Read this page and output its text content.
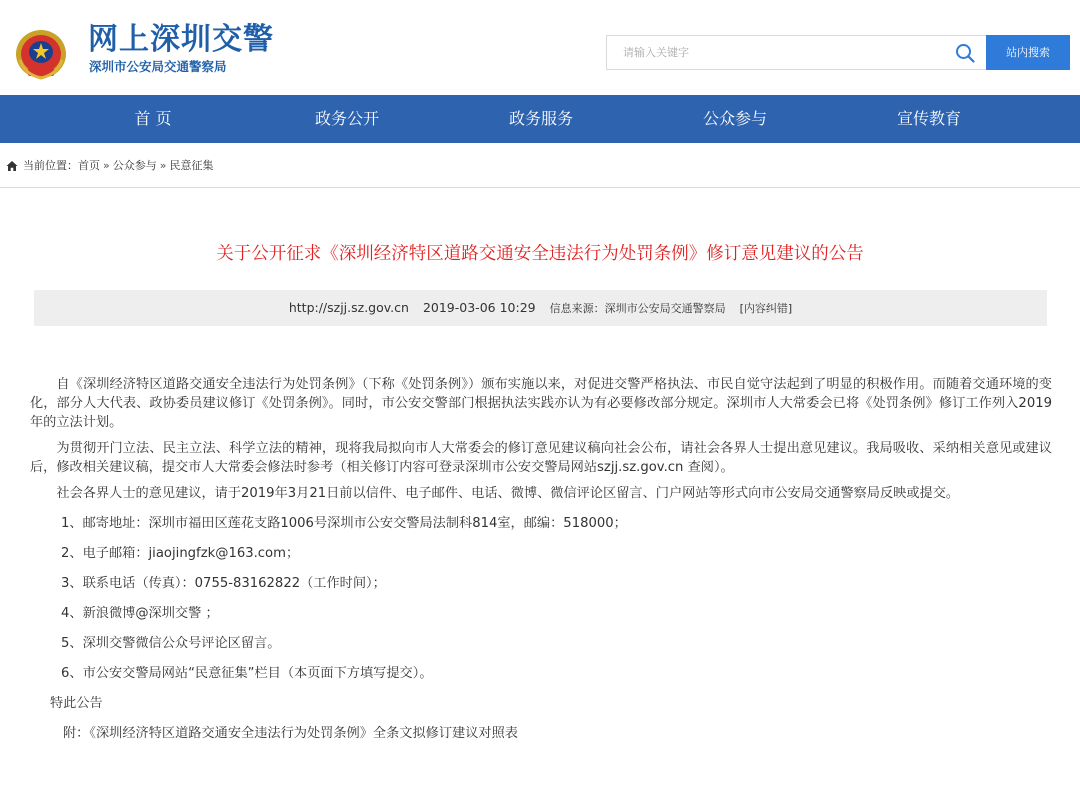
网上深圳交警
深圳市公安局交通警察局
请输入关键字
站内搜索
首 页	政务公开	政务服务	公众参与	宣传教育
当前位置： 首页 » 公众参与 » 民意征集
关于公开征求《深圳经济特区道路交通安全违法行为处罚条例》修订意见建议的公告
http://szjj.sz.gov.cn 2019-03-06 10:29 信息来源：深圳市公安局交通警察局 [内容纠错]

自《深圳经济特区道路交通安全违法行为处罚条例》（下称《处罚条例》）颁布实施以来，对促进交警严格执法、市民自觉守法起到了明显的积极作用。而随着交通环境的变化，部分人大代表、政协委员建议修订《处罚条例》。同时，市公安交警部门根据执法实践亦认为有必要修改部分规定。深圳市人大常委会已将《处罚条例》修订工作列入2019年的立法计划。

为贯彻开门立法、民主立法、科学立法的精神，现将我局拟向市人大常委会的修订意见建议稿向社会公布，请社会各界人士提出意见建议。我局吸收、采纳相关意见或建议后，修改相关建议稿，提交市人大常委会修法时参考（相关修订内容可登录深圳市公安交警局网站szjj.sz.gov.cn 查阅）。

社会各界人士的意见建议，请于2019年3月21日前以信件、电子邮件、电话、微博、微信评论区留言、门户网站等形式向市公安局交通警察局反映或提交。

1、邮寄地址：深圳市福田区莲花支路1006号深圳市公安交警局法制科814室，邮编：518000；

2、电子邮箱：jiaojingfzk@163.com；

3、联系电话（传真）：0755-83162822（工作时间）；

4、新浪微博@深圳交警 ；

5、深圳交警微信公众号评论区留言。

6、市公安交警局网站“民意征集”栏目（本页面下方填写提交）。

特此公告

附：《深圳经济特区道路交通安全违法行为处罚条例》全条文拟修订建议对照表
